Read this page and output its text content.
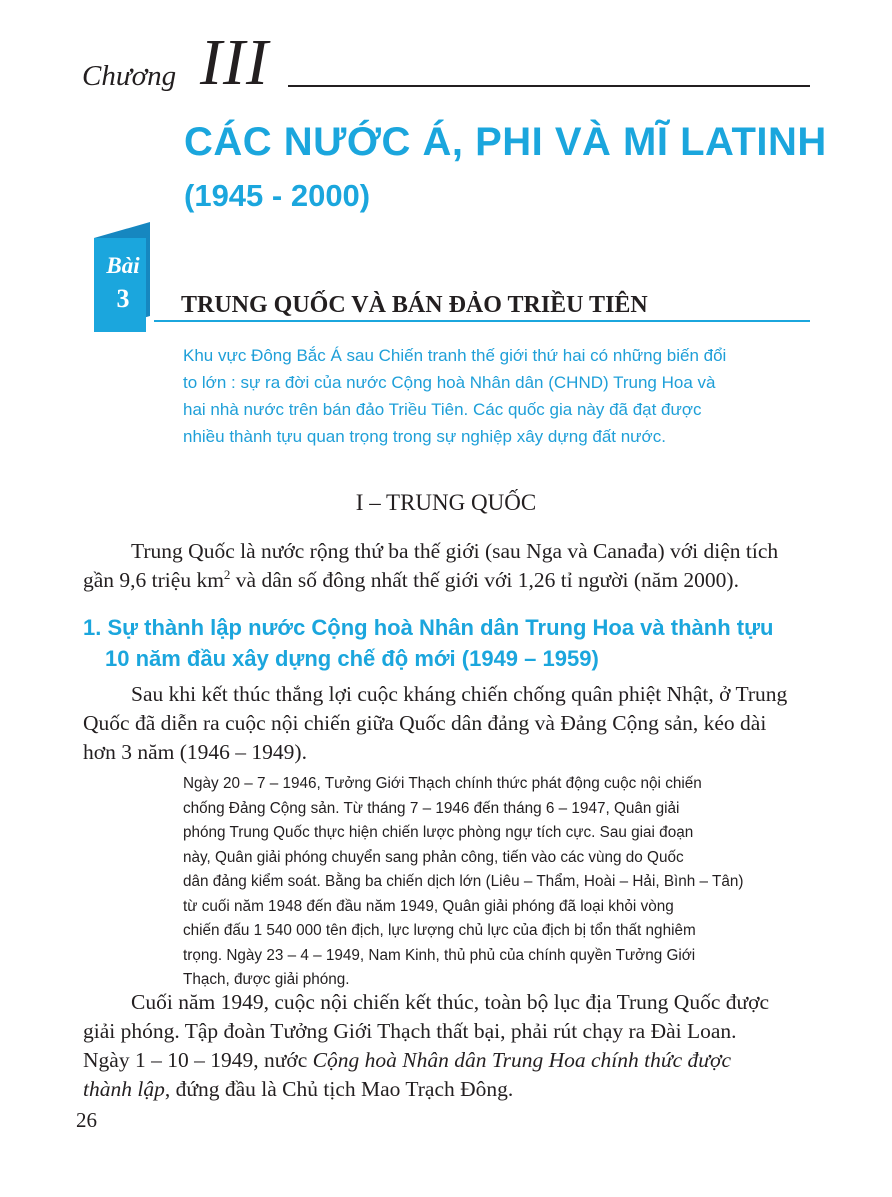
Chương III
CÁC NƯỚC Á, PHI VÀ MĨ LATINH
(1945 - 2000)
Bài
3	TRUNG QUỐC VÀ BÁN ĐẢO TRIỀU TIÊN

Khu vực Đông Bắc Á sau Chiến tranh thế giới thứ hai có những biến đổi
to lớn : sự ra đời của nước Cộng hoà Nhân dân (CHND) Trung Hoa và
hai nhà nước trên bán đảo Triều Tiên. Các quốc gia này đã đạt được
nhiều thành tựu quan trọng trong sự nghiệp xây dựng đất nước.

I – TRUNG QUỐC

Trung Quốc là nước rộng thứ ba thế giới (sau Nga và Canađa) với diện tích
gần 9,6 triệu $km^2$ và dân số đông nhất thế giới với 1,26 tỉ người (năm 2000).

1. Sự thành lập nước Cộng hoà Nhân dân Trung Hoa và thành tựu
10 năm đầu xây dựng chế độ mới (1949 – 1959)

Sau khi kết thúc thắng lợi cuộc kháng chiến chống quân phiệt Nhật, ở Trung
Quốc đã diễn ra cuộc nội chiến giữa Quốc dân đảng và Đảng Cộng sản, kéo dài
hơn 3 năm (1946 – 1949).

Ngày 20 – 7 – 1946, Tưởng Giới Thạch chính thức phát động cuộc nội chiến
chống Đảng Cộng sản. Từ tháng 7 – 1946 đến tháng 6 – 1947, Quân giải
phóng Trung Quốc thực hiện chiến lược phòng ngự tích cực. Sau giai đoạn
này, Quân giải phóng chuyển sang phản công, tiến vào các vùng do Quốc
dân đảng kiểm soát. Bằng ba chiến dịch lớn (Liêu – Thẩm, Hoài – Hải, Bình – Tân)
từ cuối năm 1948 đến đầu năm 1949, Quân giải phóng đã loại khỏi vòng
chiến đấu 1 540 000 tên địch, lực lượng chủ lực của địch bị tổn thất nghiêm
trọng. Ngày 23 – 4 – 1949, Nam Kinh, thủ phủ của chính quyền Tưởng Giới
Thạch, được giải phóng.

Cuối năm 1949, cuộc nội chiến kết thúc, toàn bộ lục địa Trung Quốc được
giải phóng. Tập đoàn Tưởng Giới Thạch thất bại, phải rút chạy ra Đài Loan.
Ngày 1 – 10 – 1949, nước Cộng hoà Nhân dân Trung Hoa chính thức được
thành lập, đứng đầu là Chủ tịch Mao Trạch Đông.

26
